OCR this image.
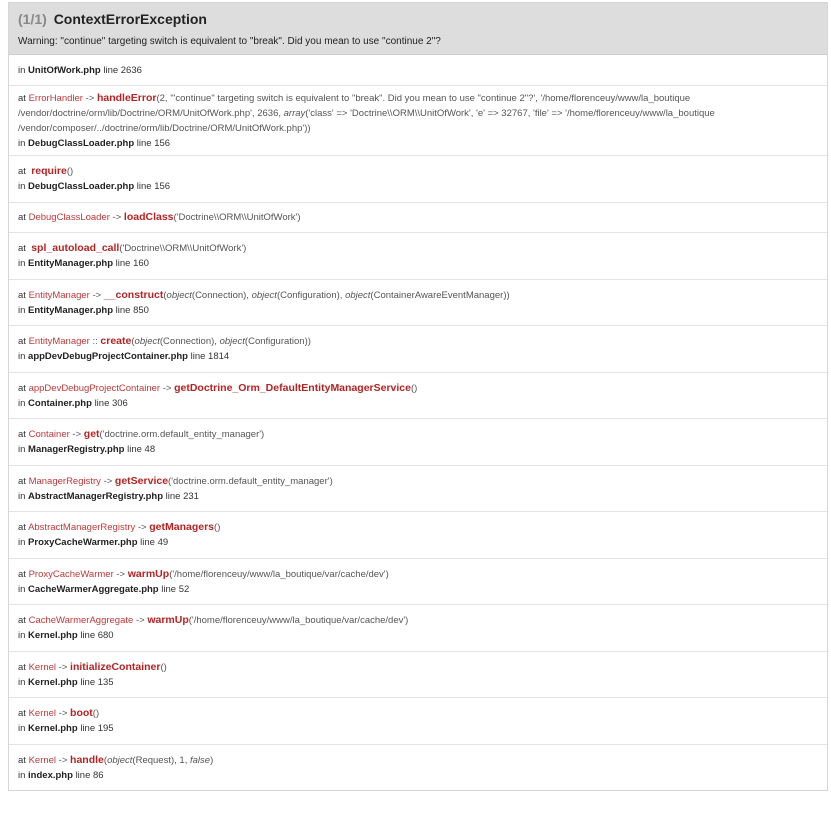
(1/1) ContextErrorException
Warning: "continue" targeting switch is equivalent to "break". Did you mean to use "continue 2"?
in UnitOfWork.php line 2636
at ErrorHandler -> handleError(2, '"continue" targeting switch is equivalent to "break". Did you mean to use "continue 2"?', '/home/florenceuy/www/la_boutique
/vendor/doctrine/orm/lib/Doctrine/ORM/UnitOfWork.php', 2636, array('class' => 'Doctrine\\ORM\\UnitOfWork', 'e' => 32767, 'file' => '/home/florenceuy/www/la_boutique
/vendor/composer/../doctrine/orm/lib/Doctrine/ORM/UnitOfWork.php'))
in DebugClassLoader.php line 156
at require()
in DebugClassLoader.php line 156
at DebugClassLoader -> loadClass('Doctrine\\ORM\\UnitOfWork')
at spl_autoload_call('Doctrine\\ORM\\UnitOfWork')
in EntityManager.php line 160
at EntityManager -> __construct(object(Connection), object(Configuration), object(ContainerAwareEventManager))
in EntityManager.php line 850
at EntityManager :: create(object(Connection), object(Configuration))
in appDevDebugProjectContainer.php line 1814
at appDevDebugProjectContainer -> getDoctrine_Orm_DefaultEntityManagerService()
in Container.php line 306
at Container -> get('doctrine.orm.default_entity_manager')
in ManagerRegistry.php line 48
at ManagerRegistry -> getService('doctrine.orm.default_entity_manager')
in AbstractManagerRegistry.php line 231
at AbstractManagerRegistry -> getManagers()
in ProxyCacheWarmer.php line 49
at ProxyCacheWarmer -> warmUp('/home/florenceuy/www/la_boutique/var/cache/dev')
in CacheWarmerAggregate.php line 52
at CacheWarmerAggregate -> warmUp('/home/florenceuy/www/la_boutique/var/cache/dev')
in Kernel.php line 680
at Kernel -> initializeContainer()
in Kernel.php line 135
at Kernel -> boot()
in Kernel.php line 195
at Kernel -> handle(object(Request), 1, false)
in index.php line 86
